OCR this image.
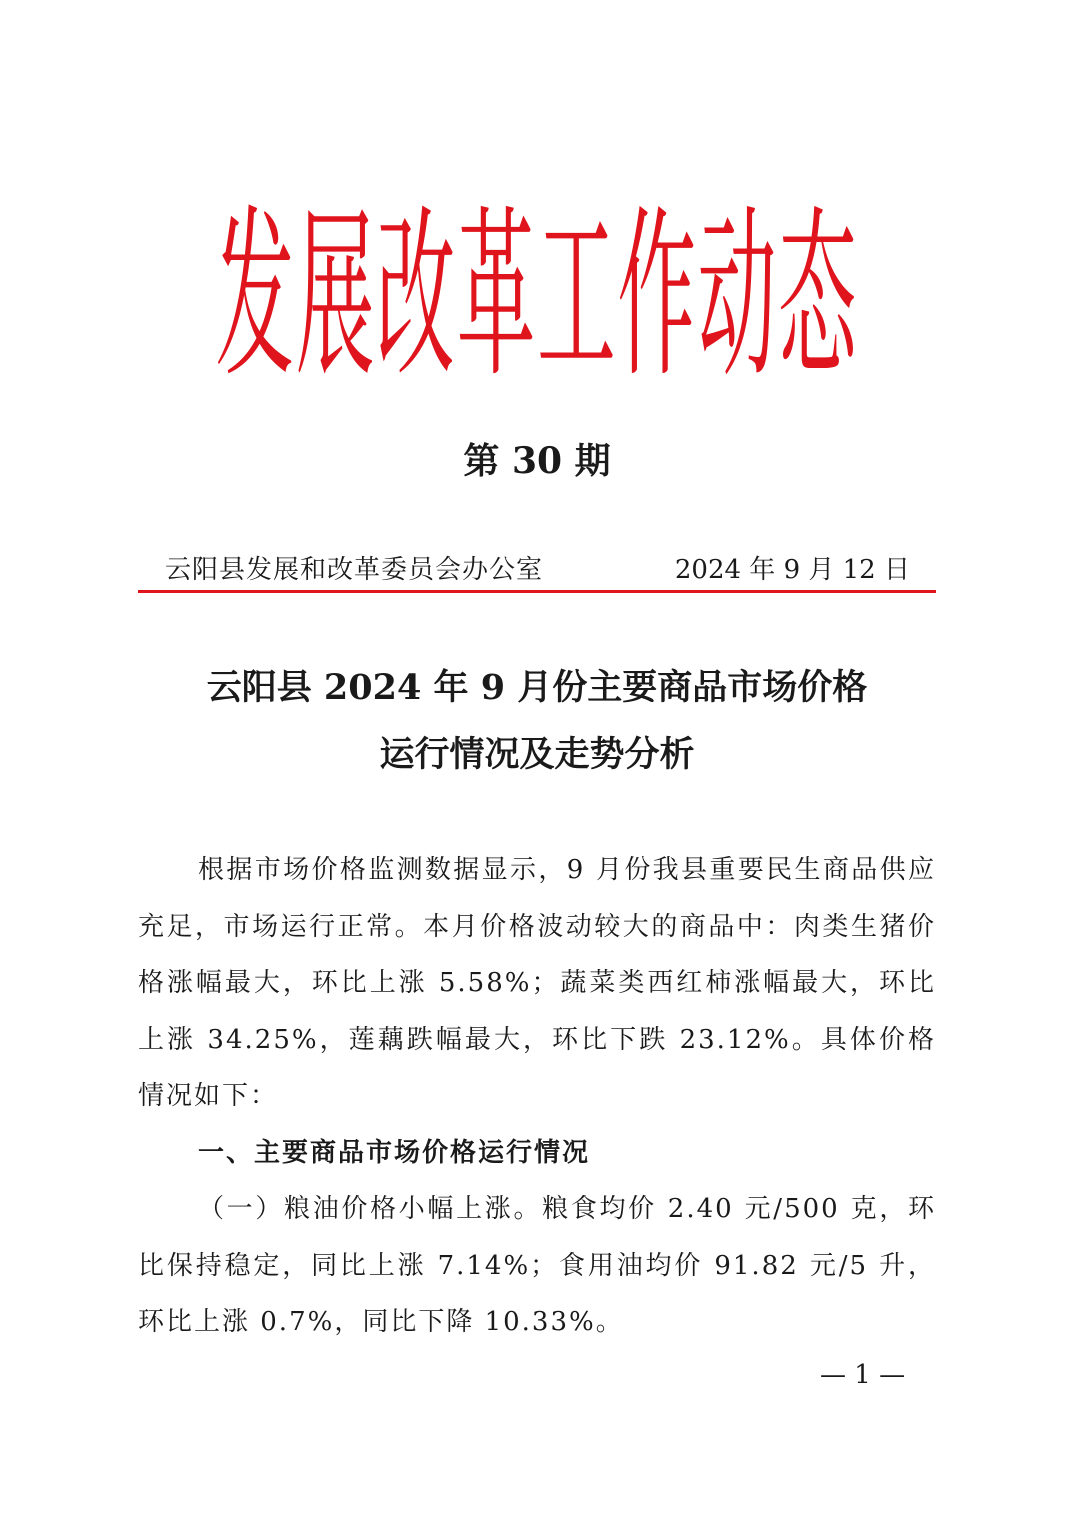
发展改革工作动态
第 30 期
云阳县发展和改革委员会办公室	2024 年 9 月 12 日
云阳县 2024 年 9 月份主要商品市场价格
运行情况及走势分析

根据市场价格监测数据显示，9 月份我县重要民生商品供应充足，市场运行正常。本月价格波动较大的商品中：肉类生猪价格涨幅最大，环比上涨 5.58%；蔬菜类西红柿涨幅最大，环比上涨 34.25%，莲藕跌幅最大，环比下跌 23.12%。具体价格情况如下：

一、主要商品市场价格运行情况

（一）粮油价格小幅上涨。粮食均价 2.40 元/500 克，环比保持稳定，同比上涨 7.14%；食用油均价 91.82 元/5 升，环比上涨 0.7%，同比下降 10.33%。

— 1 —
